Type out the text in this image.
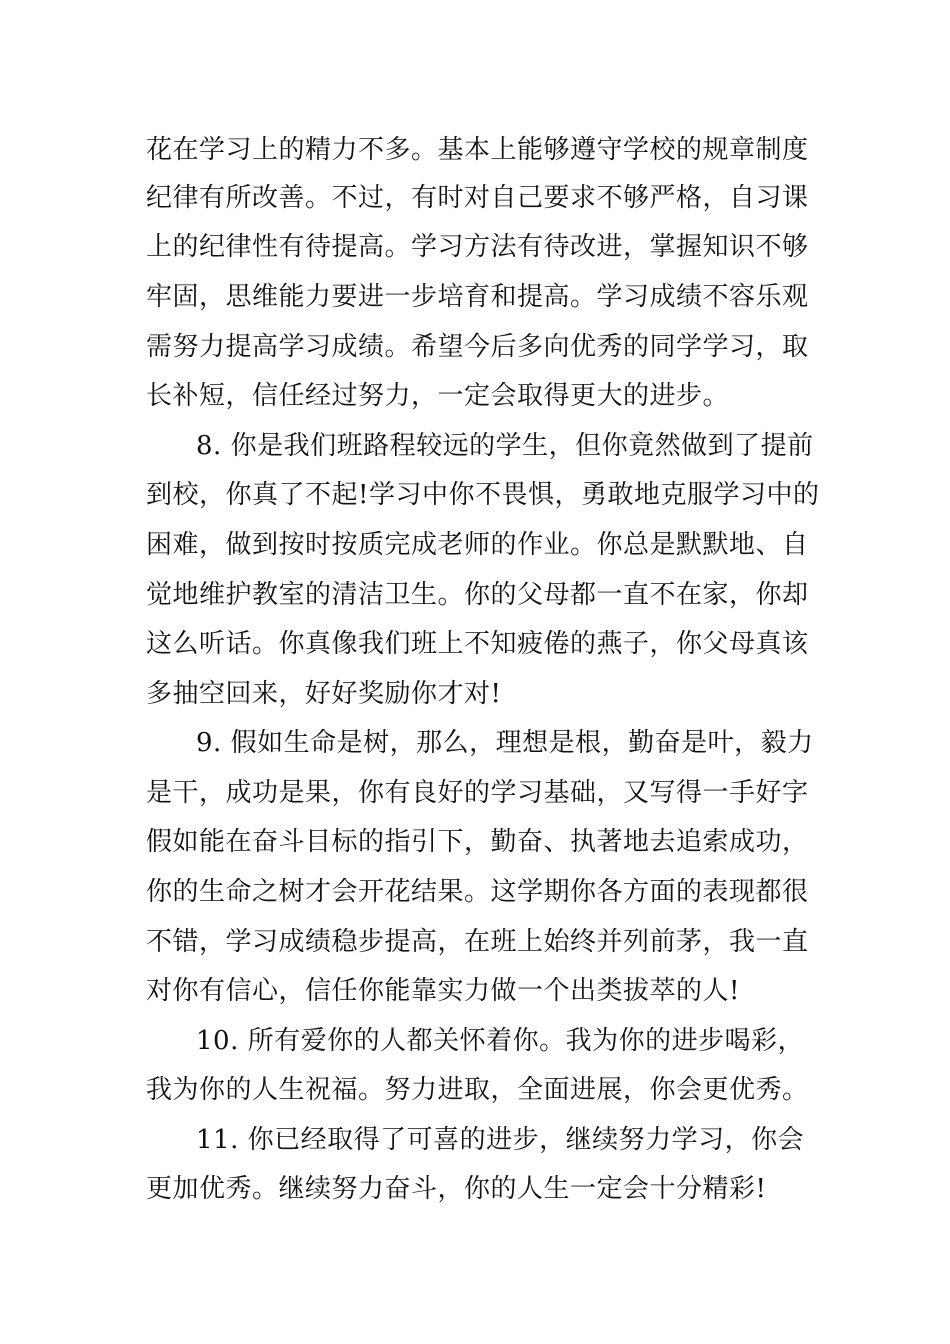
花在学习上的精力不多。基本上能够遵守学校的规章制度
纪律有所改善。不过，有时对自己要求不够严格，自习课
上的纪律性有待提高。学习方法有待改进，掌握知识不够
牢固，思维能力要进一步培育和提高。学习成绩不容乐观
需努力提高学习成绩。希望今后多向优秀的同学学习，取
长补短，信任经过努力，一定会取得更大的进步。
8. 你是我们班路程较远的学生，但你竟然做到了提前
到校，你真了不起!学习中你不畏惧，勇敢地克服学习中的
困难，做到按时按质完成老师的作业。你总是默默地、自
觉地维护教室的清洁卫生。你的父母都一直不在家，你却
这么听话。你真像我们班上不知疲倦的燕子，你父母真该
多抽空回来，好好奖励你才对!
9. 假如生命是树，那么，理想是根，勤奋是叶，毅力
是干，成功是果，你有良好的学习基础，又写得一手好字
假如能在奋斗目标的指引下，勤奋、执著地去追索成功，
你的生命之树才会开花结果。这学期你各方面的表现都很
不错，学习成绩稳步提高，在班上始终并列前茅，我一直
对你有信心，信任你能靠实力做一个出类拔萃的人!
10. 所有爱你的人都关怀着你。我为你的进步喝彩，
我为你的人生祝福。努力进取，全面进展，你会更优秀。
11. 你已经取得了可喜的进步，继续努力学习，你会
更加优秀。继续努力奋斗，你的人生一定会十分精彩!
